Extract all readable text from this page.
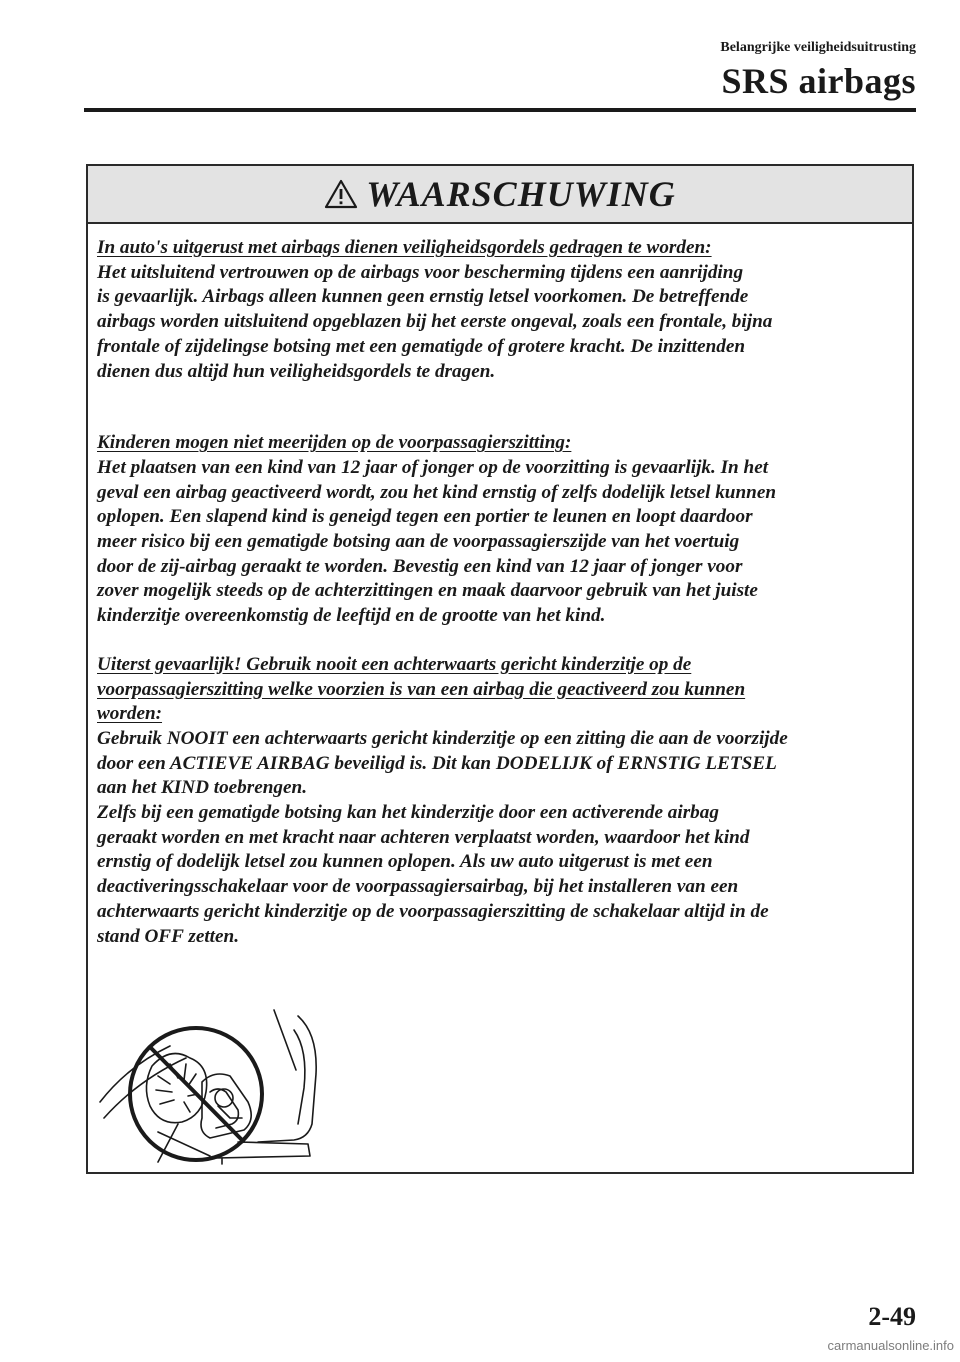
Belangrijke veiligheidsuitrusting
SRS airbags
WAARSCHUWING

In auto's uitgerust met airbags dienen veiligheidsgordels gedragen te worden:

Het uitsluitend vertrouwen op de airbags voor bescherming tijdens een aanrijding

is gevaarlijk. Airbags alleen kunnen geen ernstig letsel voorkomen. De betreffende

airbags worden uitsluitend opgeblazen bij het eerste ongeval, zoals een frontale, bijna

frontale of zijdelingse botsing met een gematigde of grotere kracht. De inzittenden

dienen dus altijd hun veiligheidsgordels te dragen.

Kinderen mogen niet meerijden op de voorpassagierszitting:

Het plaatsen van een kind van 12 jaar of jonger op de voorzitting is gevaarlijk. In het

geval een airbag geactiveerd wordt, zou het kind ernstig of zelfs dodelijk letsel kunnen

oplopen. Een slapend kind is geneigd tegen een portier te leunen en loopt daardoor

meer risico bij een gematigde botsing aan de voorpassagierszijde van het voertuig

door de zij-airbag geraakt te worden. Bevestig een kind van 12 jaar of jonger voor

zover mogelijk steeds op de achterzittingen en maak daarvoor gebruik van het juiste

kinderzitje overeenkomstig de leeftijd en de grootte van het kind.

Uiterst gevaarlijk! Gebruik nooit een achterwaarts gericht kinderzitje op de

voorpassagierszitting welke voorzien is van een airbag die geactiveerd zou kunnen

worden:

Gebruik NOOIT een achterwaarts gericht kinderzitje op een zitting die aan de voorzijde

door een ACTIEVE AIRBAG beveiligd is. Dit kan DODELIJK of ERNSTIG LETSEL

aan het KIND toebrengen.

Zelfs bij een gematigde botsing kan het kinderzitje door een activerende airbag

geraakt worden en met kracht naar achteren verplaatst worden, waardoor het kind

ernstig of dodelijk letsel zou kunnen oplopen. Als uw auto uitgerust is met een

deactiveringsschakelaar voor de voorpassagiersairbag, bij het installeren van een

achterwaarts gericht kinderzitje op de voorpassagierszitting de schakelaar altijd in de

stand OFF zetten.

2-49
carmanualsonline.info
